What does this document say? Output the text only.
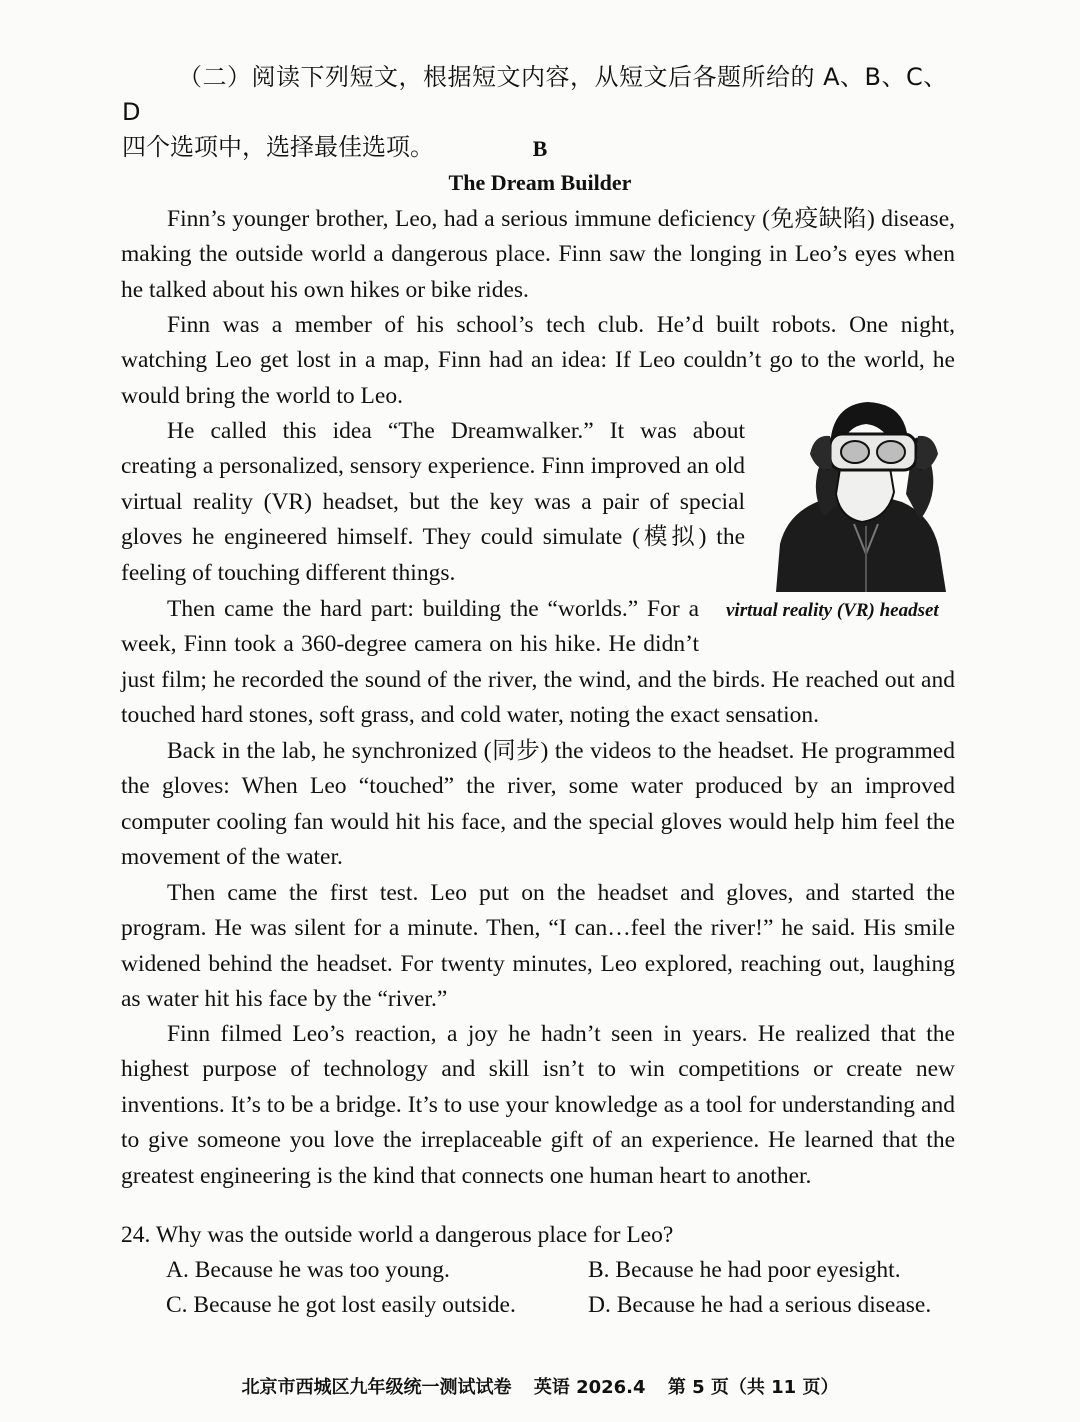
（二）阅读下列短文，根据短文内容，从短文后各题所给的 A、B、C、D

四个选项中，选择最佳选项。	B
The Dream Builder

Finn’s younger brother, Leo, had a serious immune deficiency (免疫缺陷) disease, making the outside world a dangerous place. Finn saw the longing in Leo’s eyes when he talked about his own hikes or bike rides.

Finn was a member of his school’s tech club. He’d built robots. One night, watching Leo get lost in a map, Finn had an idea: If Leo couldn’t go to the world, he would bring the world to Leo.

He called this idea “The Dreamwalker.” It was about creating a personalized, sensory experience. Finn improved an old virtual reality (VR) headset, but the key was a pair of special gloves he engineered himself. They could simulate (模拟) the feeling of touching different things.

Then came the hard part: building the “worlds.” For a
week, Finn took a 360-degree camera on his hike. He didn’t

just film; he recorded the sound of the river, the wind, and the birds. He reached out and touched hard stones, soft grass, and cold water, noting the exact sensation.

Back in the lab, he synchronized (同步) the videos to the headset. He programmed the gloves: When Leo “touched” the river, some water produced by an improved computer cooling fan would hit his face, and the special gloves would help him feel the movement of the water.

Then came the first test. Leo put on the headset and gloves, and started the program. He was silent for a minute. Then, “I can…feel the river!” he said. His smile widened behind the headset. For twenty minutes, Leo explored, reaching out, laughing as water hit his face by the “river.”

Finn filmed Leo’s reaction, a joy he hadn’t seen in years. He realized that the highest purpose of technology and skill isn’t to win competitions or create new inventions. It’s to be a bridge. It’s to use your knowledge as a tool for understanding and to give someone you love the irreplaceable gift of an experience. He learned that the greatest engineering is the kind that connects one human heart to another.

virtual reality (VR) headset
24. Why was the outside world a dangerous place for Leo?
A. Because he was too young.	B. Because he had poor eyesight.
C. Because he got lost easily outside.	D. Because he had a serious disease.
北京市西城区九年级统一测试试卷 英语 2026.4 第 5 页（共 11 页）
